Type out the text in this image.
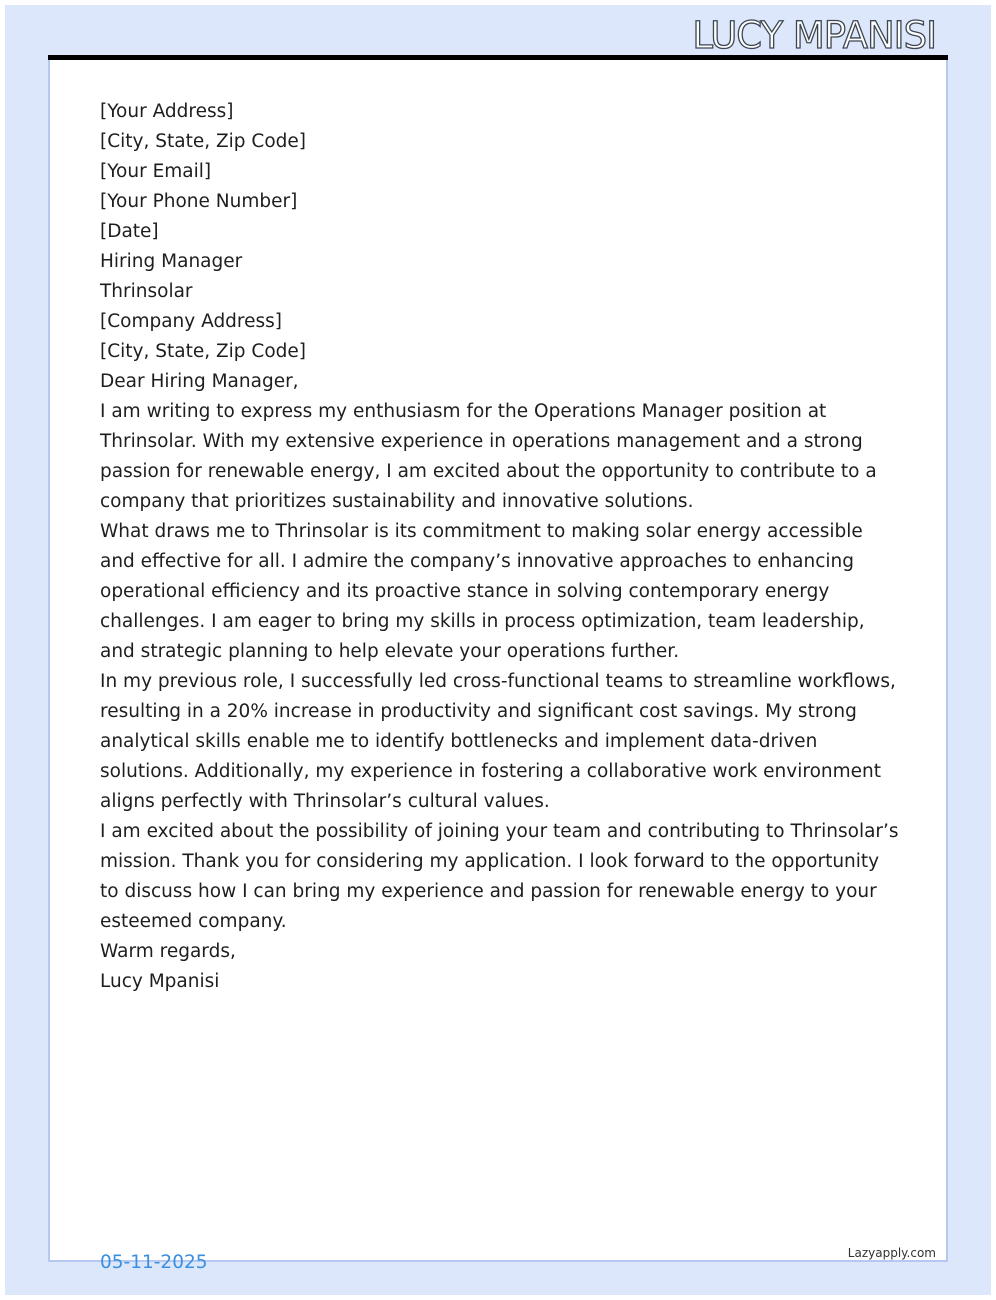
LUCY MPANISI

[Your Address]
[City, State, Zip Code]
[Your Email]
[Your Phone Number]
[Date]

Hiring Manager
Thrinsolar
[Company Address]
[City, State, Zip Code]

Dear Hiring Manager,

I am writing to express my enthusiasm for the Operations Manager position at Thrinsolar. With my extensive experience in operations management and a strong passion for renewable energy, I am excited about the opportunity to contribute to a company that prioritizes sustainability and innovative solutions.

What draws me to Thrinsolar is its commitment to making solar energy accessible and effective for all. I admire the company’s innovative approaches to enhancing operational efficiency and its proactive stance in solving contemporary energy challenges. I am eager to bring my skills in process optimization, team leadership, and strategic planning to help elevate your operations further.

In my previous role, I successfully led cross-functional teams to streamline workflows, resulting in a 20% increase in productivity and significant cost savings. My strong analytical skills enable me to identify bottlenecks and implement data-driven solutions. Additionally, my experience in fostering a collaborative work environment aligns perfectly with Thrinsolar’s cultural values.

I am excited about the possibility of joining your team and contributing to Thrinsolar’s mission. Thank you for considering my application. I look forward to the opportunity to discuss how I can bring my experience and passion for renewable energy to your esteemed company.

Warm regards,

Lucy Mpanisi

05-11-2025	Lazyapply.com
